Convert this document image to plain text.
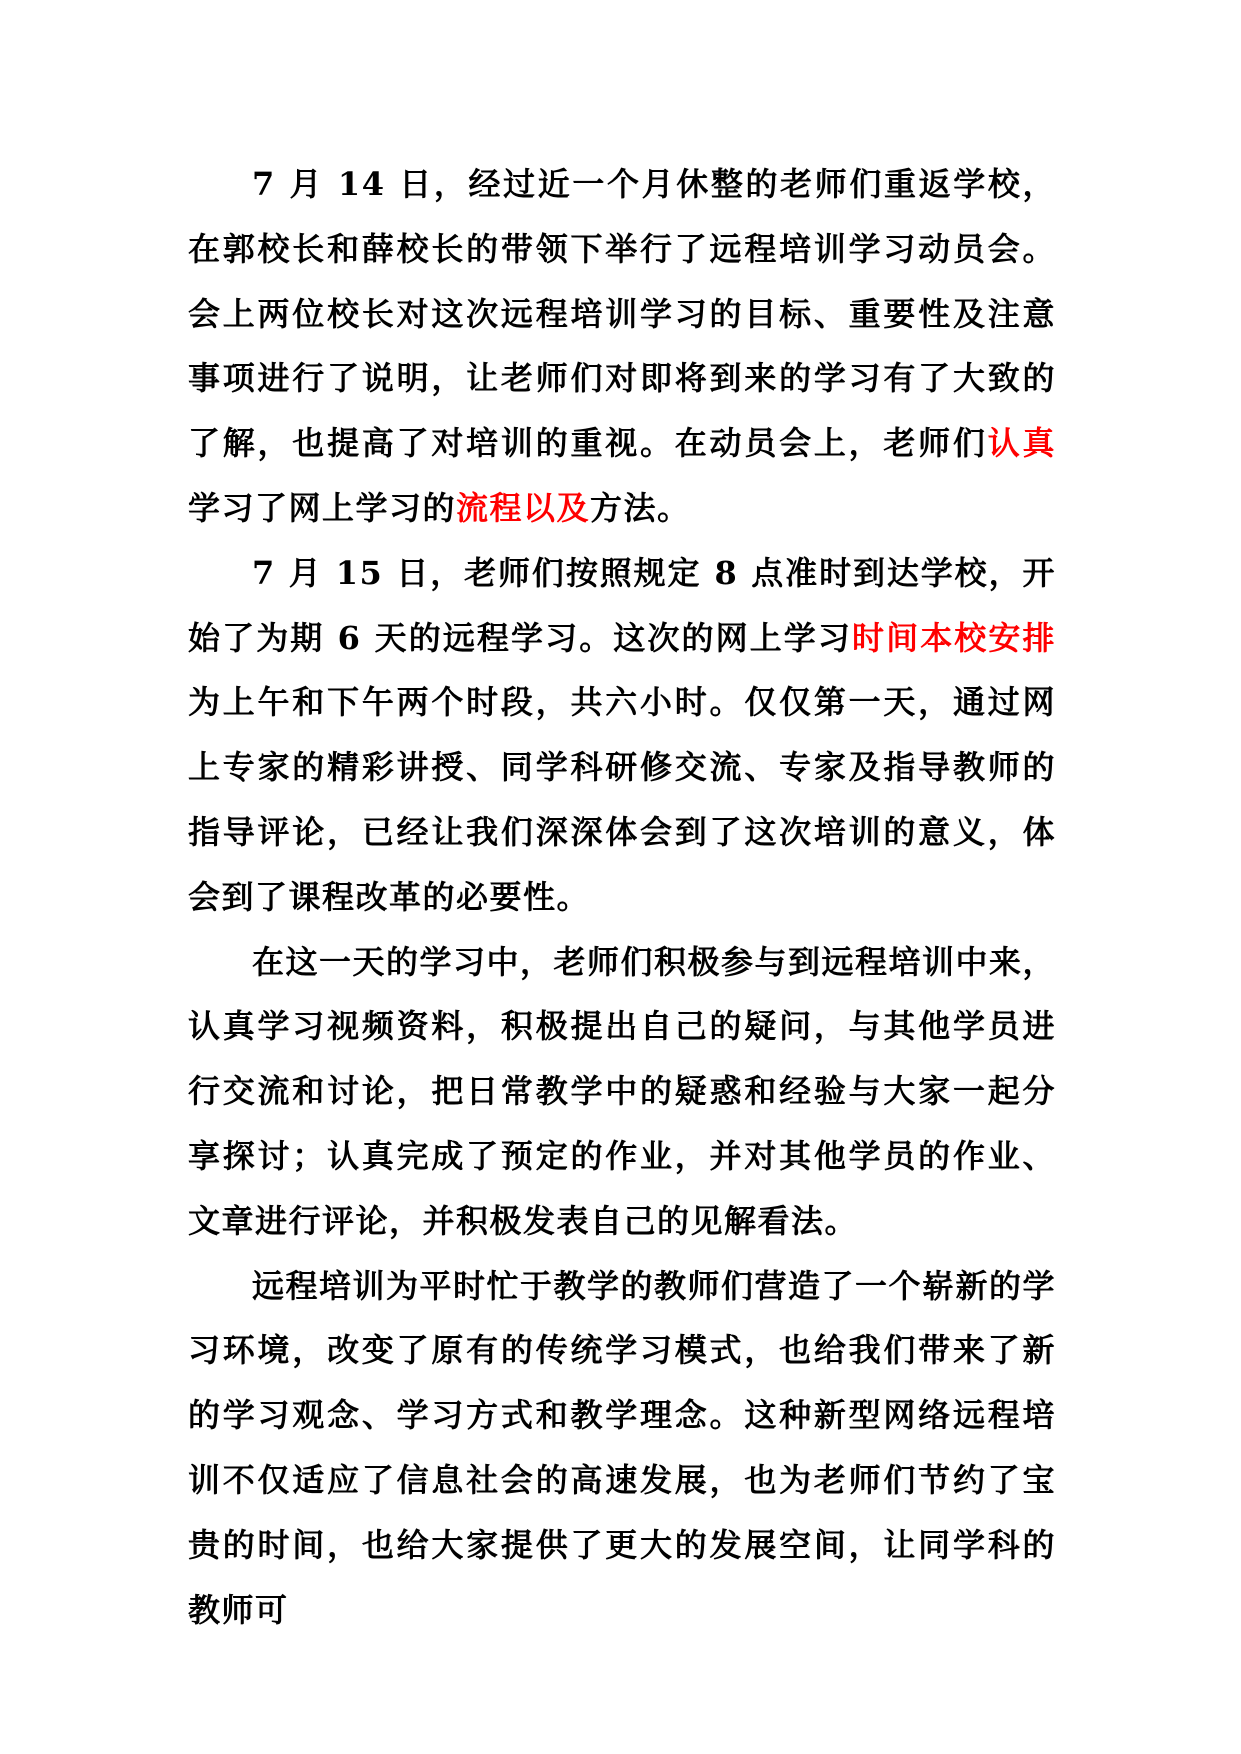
7 月 14 日，经过近一个月休整的老师们重返学校，在郭校长和薛校长的带领下举行了远程培训学习动员会。会上两位校长对这次远程培训学习的目标、重要性及注意事项进行了说明，让老师们对即将到来的学习有了大致的了解，也提高了对培训的重视。在动员会上，老师们认真学习了网上学习的流程以及方法。

7 月 15 日，老师们按照规定 8 点准时到达学校，开始了为期 6 天的远程学习。这次的网上学习时间本校安排为上午和下午两个时段，共六小时。仅仅第一天，通过网上专家的精彩讲授、同学科研修交流、专家及指导教师的指导评论，已经让我们深深体会到了这次培训的意义，体会到了课程改革的必要性。

在这一天的学习中，老师们积极参与到远程培训中来，认真学习视频资料，积极提出自己的疑问，与其他学员进行交流和讨论，把日常教学中的疑惑和经验与大家一起分享探讨；认真完成了预定的作业，并对其他学员的作业、文章进行评论，并积极发表自己的见解看法。

远程培训为平时忙于教学的教师们营造了一个崭新的学习环境，改变了原有的传统学习模式，也给我们带来了新的学习观念、学习方式和教学理念。这种新型网络远程培训不仅适应了信息社会的高速发展，也为老师们节约了宝贵的时间，也给大家提供了更大的发展空间，让同学科的教师可
